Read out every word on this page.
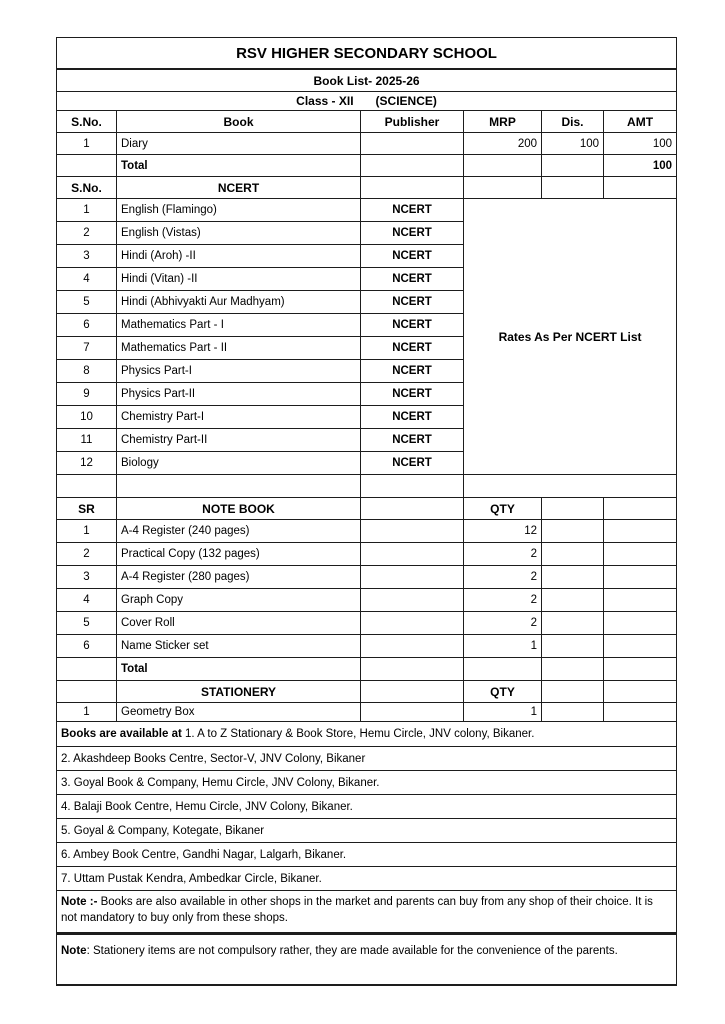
RSV HIGHER SECONDARY SCHOOL					
Book List- 2025-26					
Class - XII (SCIENCE)					
S.No.	Book	Publisher	MRP	Dis.	AMT
1	Diary		200	100	100
	Total				100
S.No.	NCERT				
1	English (Flamingo)	NCERT	Rates As Per NCERT List		
2	English (Vistas)	NCERT			
3	Hindi (Aroh) -II	NCERT			
4	Hindi (Vitan) -II	NCERT			
5	Hindi (Abhivyakti Aur Madhyam)	NCERT			
6	Mathematics Part - I	NCERT			
7	Mathematics Part - II	NCERT			
8	Physics Part-I	NCERT			
9	Physics Part-II	NCERT			
10	Chemistry Part-I	NCERT			
11	Chemistry Part-II	NCERT			
12	Biology	NCERT			

SR	NOTE BOOK		QTY		
1	A-4 Register (240 pages)		12		
2	Practical Copy (132 pages)		2		
3	A-4 Register (280 pages)		2		
4	Graph Copy		2		
5	Cover Roll		2		
6	Name Sticker set		1		
	Total				
	STATIONERY		QTY		
1	Geometry Box		1		
Books are available at 1. A to Z Stationary & Book Store, Hemu Circle, JNV colony, Bikaner.					
2. Akashdeep Books Centre, Sector-V, JNV Colony, Bikaner					
3. Goyal Book & Company, Hemu Circle, JNV Colony, Bikaner.					
4. Balaji Book Centre, Hemu Circle, JNV Colony, Bikaner.					
5. Goyal & Company, Kotegate, Bikaner					
6. Ambey Book Centre, Gandhi Nagar, Lalgarh, Bikaner.					
7. Uttam Pustak Kendra, Ambedkar Circle, Bikaner.					

Note :- Books are also available in other shops in the market and parents can buy from any shop of their choice. It is not mandatory to buy only from these shops.					

Note: Stationery items are not compulsory rather, they are made available for the convenience of the parents.					
